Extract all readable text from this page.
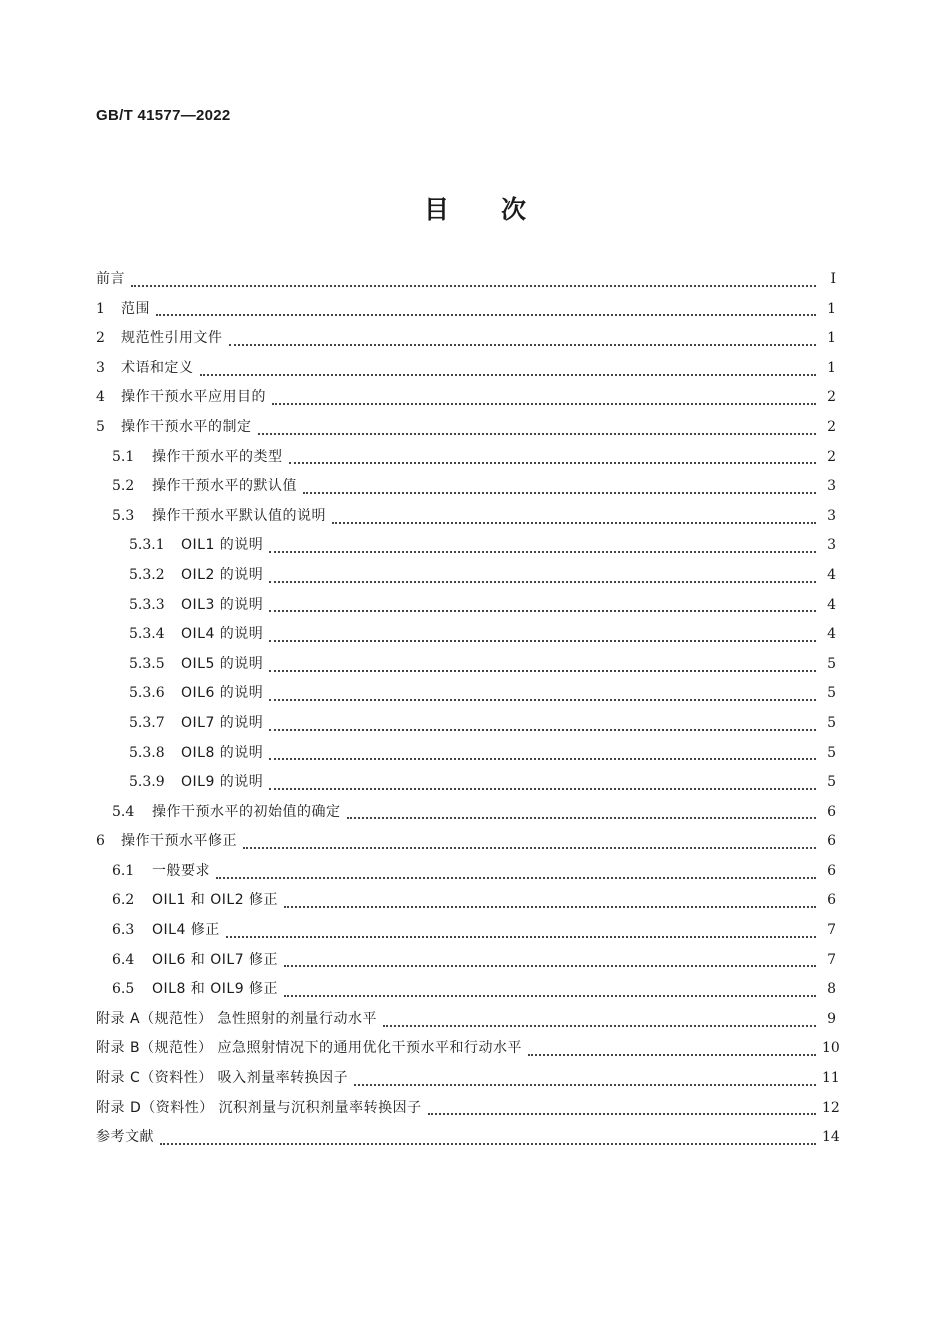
GB/T 41577—2022
目次
前言	Ⅰ
1	范围	1
2	规范性引用文件	1
3	术语和定义	1
4	操作干预水平应用目的	2
5	操作干预水平的制定	2
5.1	操作干预水平的类型	2
5.2	操作干预水平的默认值	3
5.3	操作干预水平默认值的说明	3
5.3.1	OIL1 的说明	3
5.3.2	OIL2 的说明	4
5.3.3	OIL3 的说明	4
5.3.4	OIL4 的说明	4
5.3.5	OIL5 的说明	5
5.3.6	OIL6 的说明	5
5.3.7	OIL7 的说明	5
5.3.8	OIL8 的说明	5
5.3.9	OIL9 的说明	5
5.4	操作干预水平的初始值的确定	6
6	操作干预水平修正	6
6.1	一般要求	6
6.2	OIL1 和 OIL2 修正	6
6.3	OIL4 修正	7
6.4	OIL6 和 OIL7 修正	7
6.5	OIL8 和 OIL9 修正	8
附录 A（规范性） 急性照射的剂量行动水平	9
附录 B（规范性） 应急照射情况下的通用优化干预水平和行动水平	10
附录 C（资料性） 吸入剂量率转换因子	11
附录 D（资料性） 沉积剂量与沉积剂量率转换因子	12
参考文献	14
